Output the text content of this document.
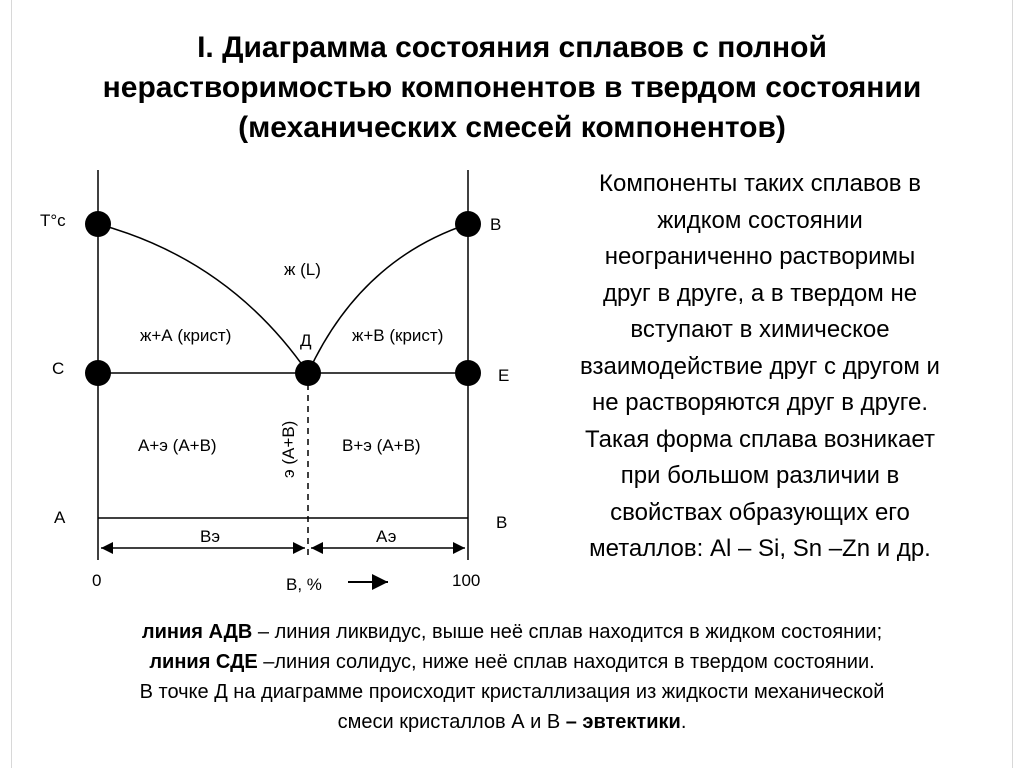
I. Диаграмма состояния сплавов с полной
нерастворимостью компонентов в твердом состоянии
(механических смесей компонентов)
T°c	B
С	Е
А	В
Д
ж (L)
ж+А (крист)	ж+В (крист)
А+э (А+В)	В+э (А+В)
э (А+В)
Вэ	Аэ
0	100
В, %
Компоненты таких сплавов в
жидком состоянии
неограниченно растворимы
друг в друге, а в твердом не
вступают в химическое
взаимодействие друг с другом и
не растворяются друг в друге.
Такая форма сплава возникает
при большом различии в
свойствах образующих его
металлов: Al – Si, Sn –Zn и др.
линия АДВ – линия ликвидус, выше неё сплав находится в жидком состоянии;
линия СДЕ –линия солидус, ниже неё сплав находится в твердом состоянии.
В точке Д на диаграмме происходит кристаллизация из жидкости механической
смеси кристаллов А и В – эвтектики.
